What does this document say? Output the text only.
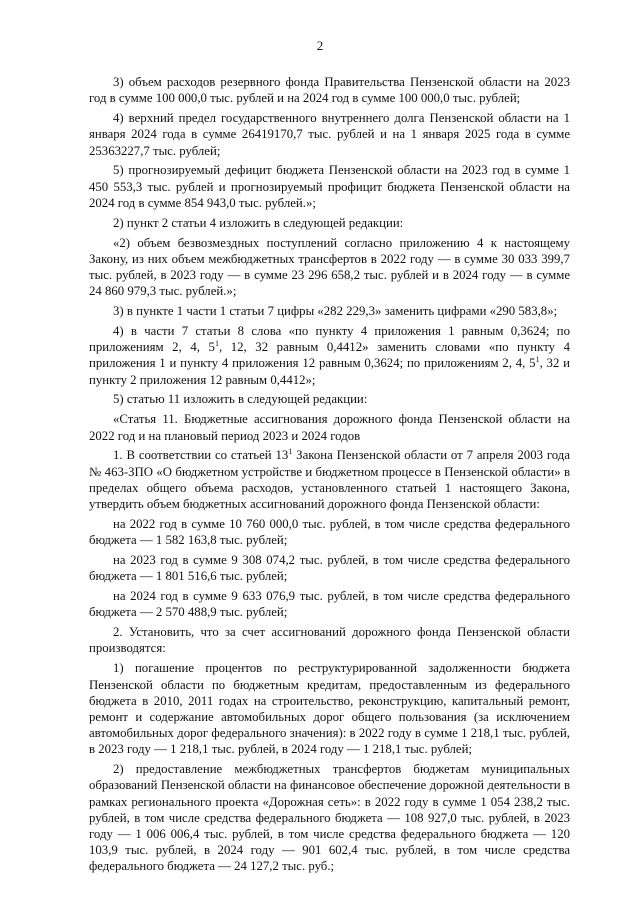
2

3) объем расходов резервного фонда Правительства Пензенской области на 2023 год в сумме 100 000,0 тыс. рублей и на 2024 год в сумме 100 000,0 тыс. рублей;

4) верхний предел государственного внутреннего долга Пензенской области на 1 января 2024 года в сумме 26419170,7 тыс. рублей и на 1 января 2025 года в сумме 25363227,7 тыс. рублей;

5) прогнозируемый дефицит бюджета Пензенской области на 2023 год в сумме 1 450 553,3 тыс. рублей и прогнозируемый профицит бюджета Пензенской области на 2024 год в сумме 854 943,0 тыс. рублей.»;

2) пункт 2 статьи 4 изложить в следующей редакции:

«2) объем безвозмездных поступлений согласно приложению 4 к настоящему Закону, из них объем межбюджетных трансфертов в 2022 году — в сумме 30 033 399,7 тыс. рублей, в 2023 году — в сумме 23 296 658,2 тыс. рублей и в 2024 году — в сумме 24 860 979,3 тыс. рублей.»;

3) в пункте 1 части 1 статьи 7 цифры «282 229,3» заменить цифрами «290 583,8»;

4) в части 7 статьи 8 слова «по пункту 4 приложения 1 равным 0,3624; по приложениям 2, 4, $5^1$, 12, 32 равным 0,4412» заменить словами «по пункту 4 приложения 1 и пункту 4 приложения 12 равным 0,3624; по приложениям 2, 4, $5^1$, 32 и пункту 2 приложения 12 равным 0,4412»;

5) статью 11 изложить в следующей редакции:

«Статья 11. Бюджетные ассигнования дорожного фонда Пензенской области на 2022 год и на плановый период 2023 и 2024 годов

1. В соответствии со статьей $13^1$ Закона Пензенской области от 7 апреля 2003 года № 463-ЗПО «О бюджетном устройстве и бюджетном процессе в Пензенской области» в пределах общего объема расходов, установленного статьей 1 настоящего Закона, утвердить объем бюджетных ассигнований дорожного фонда Пензенской области:

на 2022 год в сумме 10 760 000,0 тыс. рублей, в том числе средства федерального бюджета — 1 582 163,8 тыс. рублей;

на 2023 год в сумме 9 308 074,2 тыс. рублей, в том числе средства федерального бюджета — 1 801 516,6 тыс. рублей;

на 2024 год в сумме 9 633 076,9 тыс. рублей, в том числе средства федерального бюджета — 2 570 488,9 тыс. рублей;

2. Установить, что за счет ассигнований дорожного фонда Пензенской области производятся:

1) погашение процентов по реструктурированной задолженности бюджета Пензенской области по бюджетным кредитам, предоставленным из федерального бюджета в 2010, 2011 годах на строительство, реконструкцию, капитальный ремонт, ремонт и содержание автомобильных дорог общего пользования (за исключением автомобильных дорог федерального значения): в 2022 году в сумме 1 218,1 тыс. рублей, в 2023 году — 1 218,1 тыс. рублей, в 2024 году — 1 218,1 тыс. рублей;

2) предоставление межбюджетных трансфертов бюджетам муниципальных образований Пензенской области на финансовое обеспечение дорожной деятельности в рамках регионального проекта «Дорожная сеть»: в 2022 году в сумме 1 054 238,2 тыс. рублей, в том числе средства федерального бюджета — 108 927,0 тыс. рублей, в 2023 году — 1 006 006,4 тыс. рублей, в том числе средства федерального бюджета — 120 103,9 тыс. рублей, в 2024 году — 901 602,4 тыс. рублей, в том числе средства федерального бюджета — 24 127,2 тыс. руб.;
